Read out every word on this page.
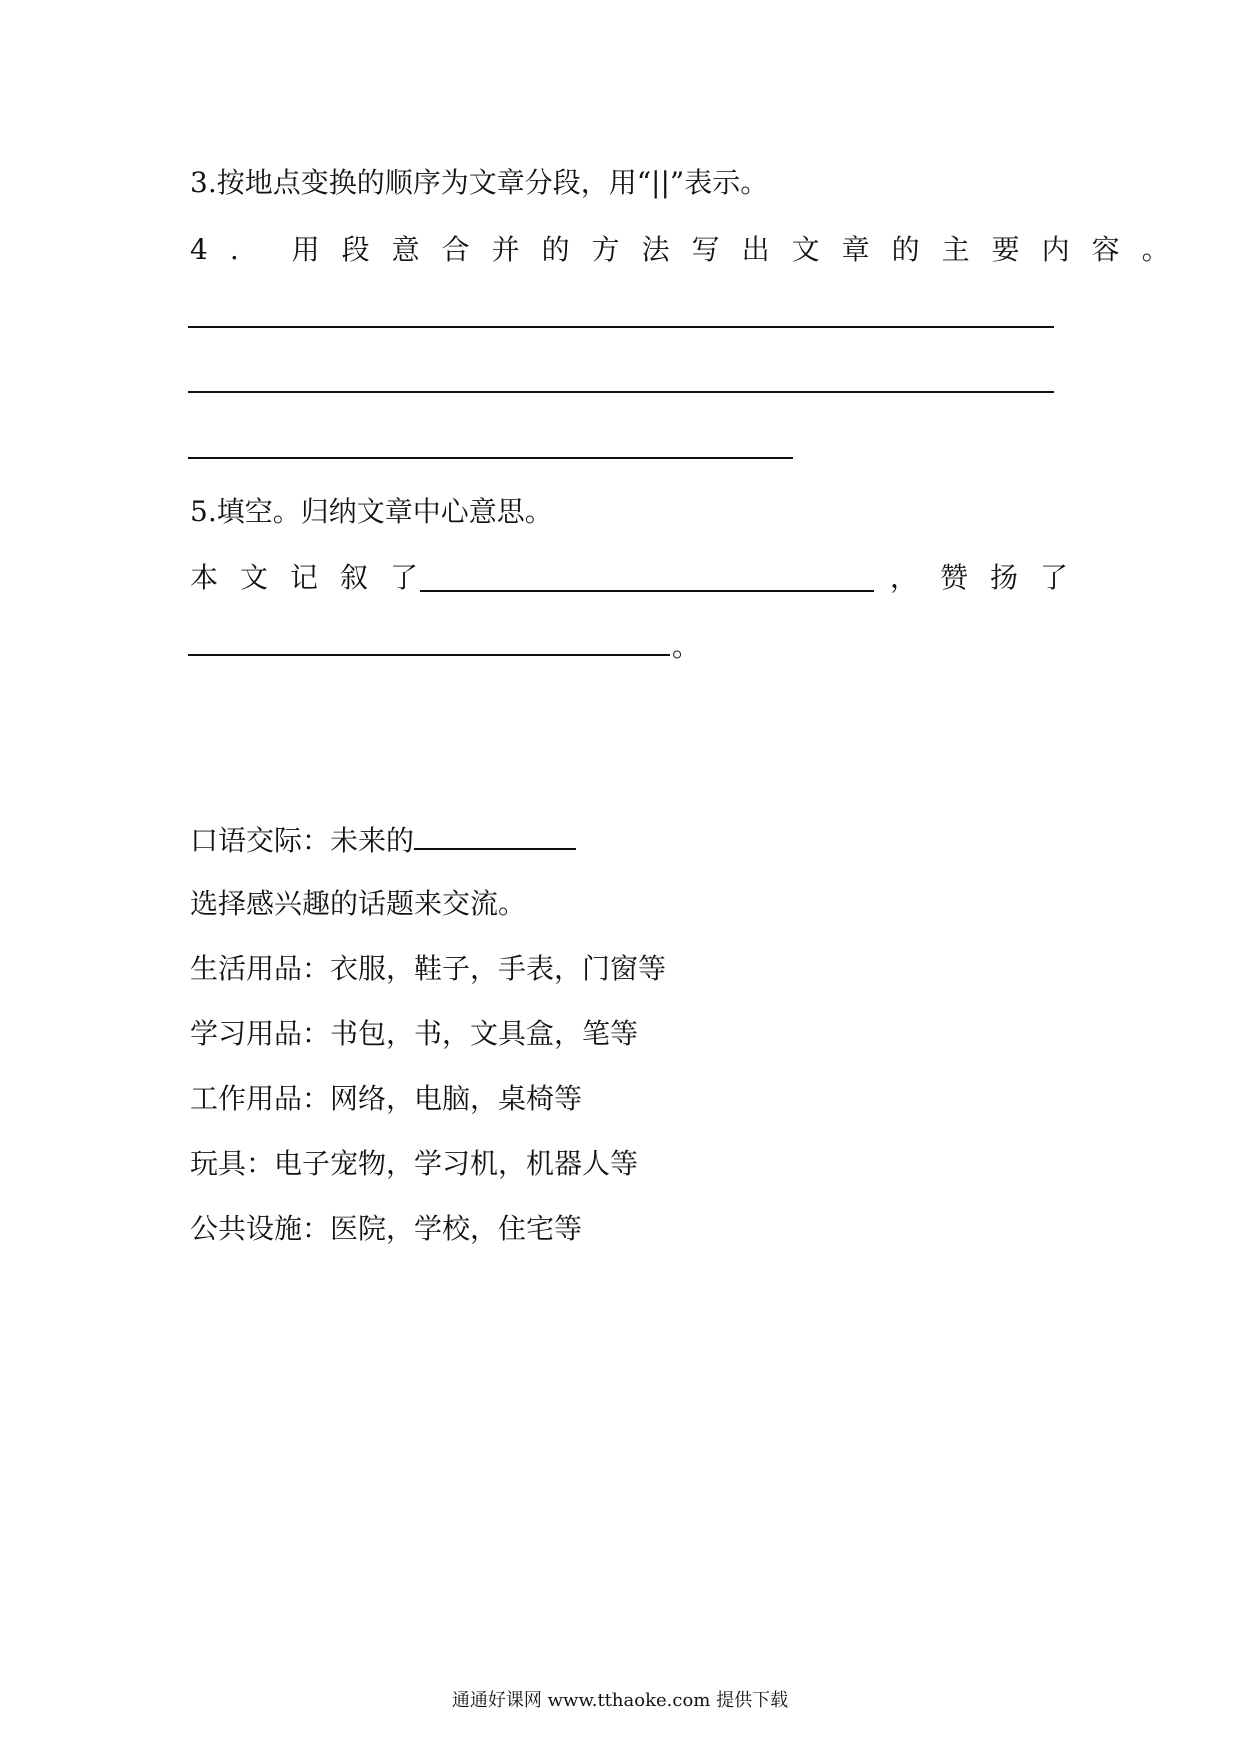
3.按地点变换的顺序为文章分段，用“||”表示。
4. 用段意合并的方法写出文章的主要内容。
5.填空。归纳文章中心意思。
本文记叙了	，赞扬了
。
口语交际：未来的
选择感兴趣的话题来交流。
生活用品：衣服，鞋子，手表，门窗等
学习用品：书包，书，文具盒，笔等
工作用品：网络，电脑，桌椅等
玩具：电子宠物，学习机，机器人等
公共设施：医院，学校，住宅等
通通好课网 www.tthaoke.com 提供下载
